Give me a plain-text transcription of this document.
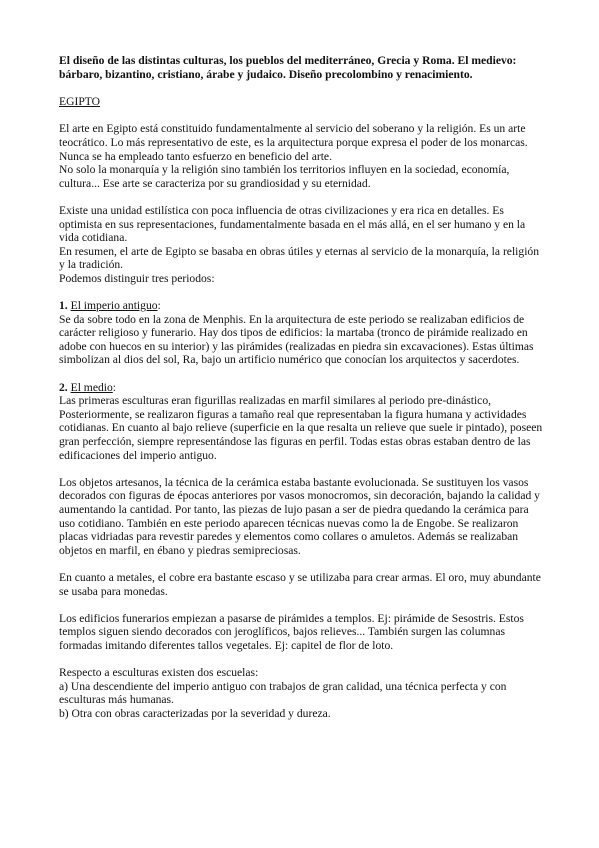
El diseño de las distintas culturas, los pueblos del mediterráneo, Grecia y Roma. El medievo: bárbaro, bizantino, cristiano, árabe y judaico. Diseño precolombino y renacimiento.

EGIPTO

El arte en Egipto está constituido fundamentalmente al servicio del soberano y la religión. Es un arte teocrático. Lo más representativo de este, es la arquitectura porque expresa el poder de los monarcas. Nunca se ha empleado tanto esfuerzo en beneficio del arte.

No solo la monarquía y la religión sino también los territorios influyen en la sociedad, economía, cultura... Ese arte se caracteriza por su grandiosidad y su eternidad.

Existe una unidad estilística con poca influencia de otras civilizaciones y era rica en detalles. Es optimista en sus representaciones, fundamentalmente basada en el más allá, en el ser humano y en la vida cotidiana.

En resumen, el arte de Egipto se basaba en obras útiles y eternas al servicio de la monarquía, la religión y la tradición.

Podemos distinguir tres periodos:

1. El imperio antiguo:

Se da sobre todo en la zona de Menphis. En la arquitectura de este periodo se realizaban edificios de carácter religioso y funerario. Hay dos tipos de edificios: la martaba (tronco de pirámide realizado en adobe con huecos en su interior) y las pirámides (realizadas en piedra sin excavaciones). Estas últimas simbolizan al dios del sol, Ra, bajo un artificio numérico que conocían los arquitectos y sacerdotes.

2. El medio:

Las primeras esculturas eran figurillas realizadas en marfil similares al periodo pre-dinástico, Posteriormente, se realizaron figuras a tamaño real que representaban la figura humana y actividades cotidianas. En cuanto al bajo relieve (superficie en la que resalta un relieve que suele ir pintado), poseen gran perfección, siempre representándose las figuras en perfil. Todas estas obras estaban dentro de las edificaciones del imperio antiguo.

Los objetos artesanos, la técnica de la cerámica estaba bastante evolucionada. Se sustituyen los vasos decorados con figuras de épocas anteriores por vasos monocromos, sin decoración, bajando la calidad y aumentando la cantidad. Por tanto, las piezas de lujo pasan a ser de piedra quedando la cerámica para uso cotidiano. También en este periodo aparecen técnicas nuevas como la de Engobe. Se realizaron placas vidriadas para revestir paredes y elementos como collares o amuletos. Además se realizaban objetos en marfil, en ébano y piedras semipreciosas.

En cuanto a metales, el cobre era bastante escaso y se utilizaba para crear armas. El oro, muy abundante se usaba para monedas.

Los edificios funerarios empiezan a pasarse de pirámides a templos. Ej: pirámide de Sesostris. Estos templos siguen siendo decorados con jeroglíficos, bajos relieves... También surgen las columnas formadas imitando diferentes tallos vegetales. Ej: capitel de flor de loto.

Respecto a esculturas existen dos escuelas:

a) Una descendiente del imperio antiguo con trabajos de gran calidad, una técnica perfecta y con esculturas más humanas.

b) Otra con obras caracterizadas por la severidad y dureza.
